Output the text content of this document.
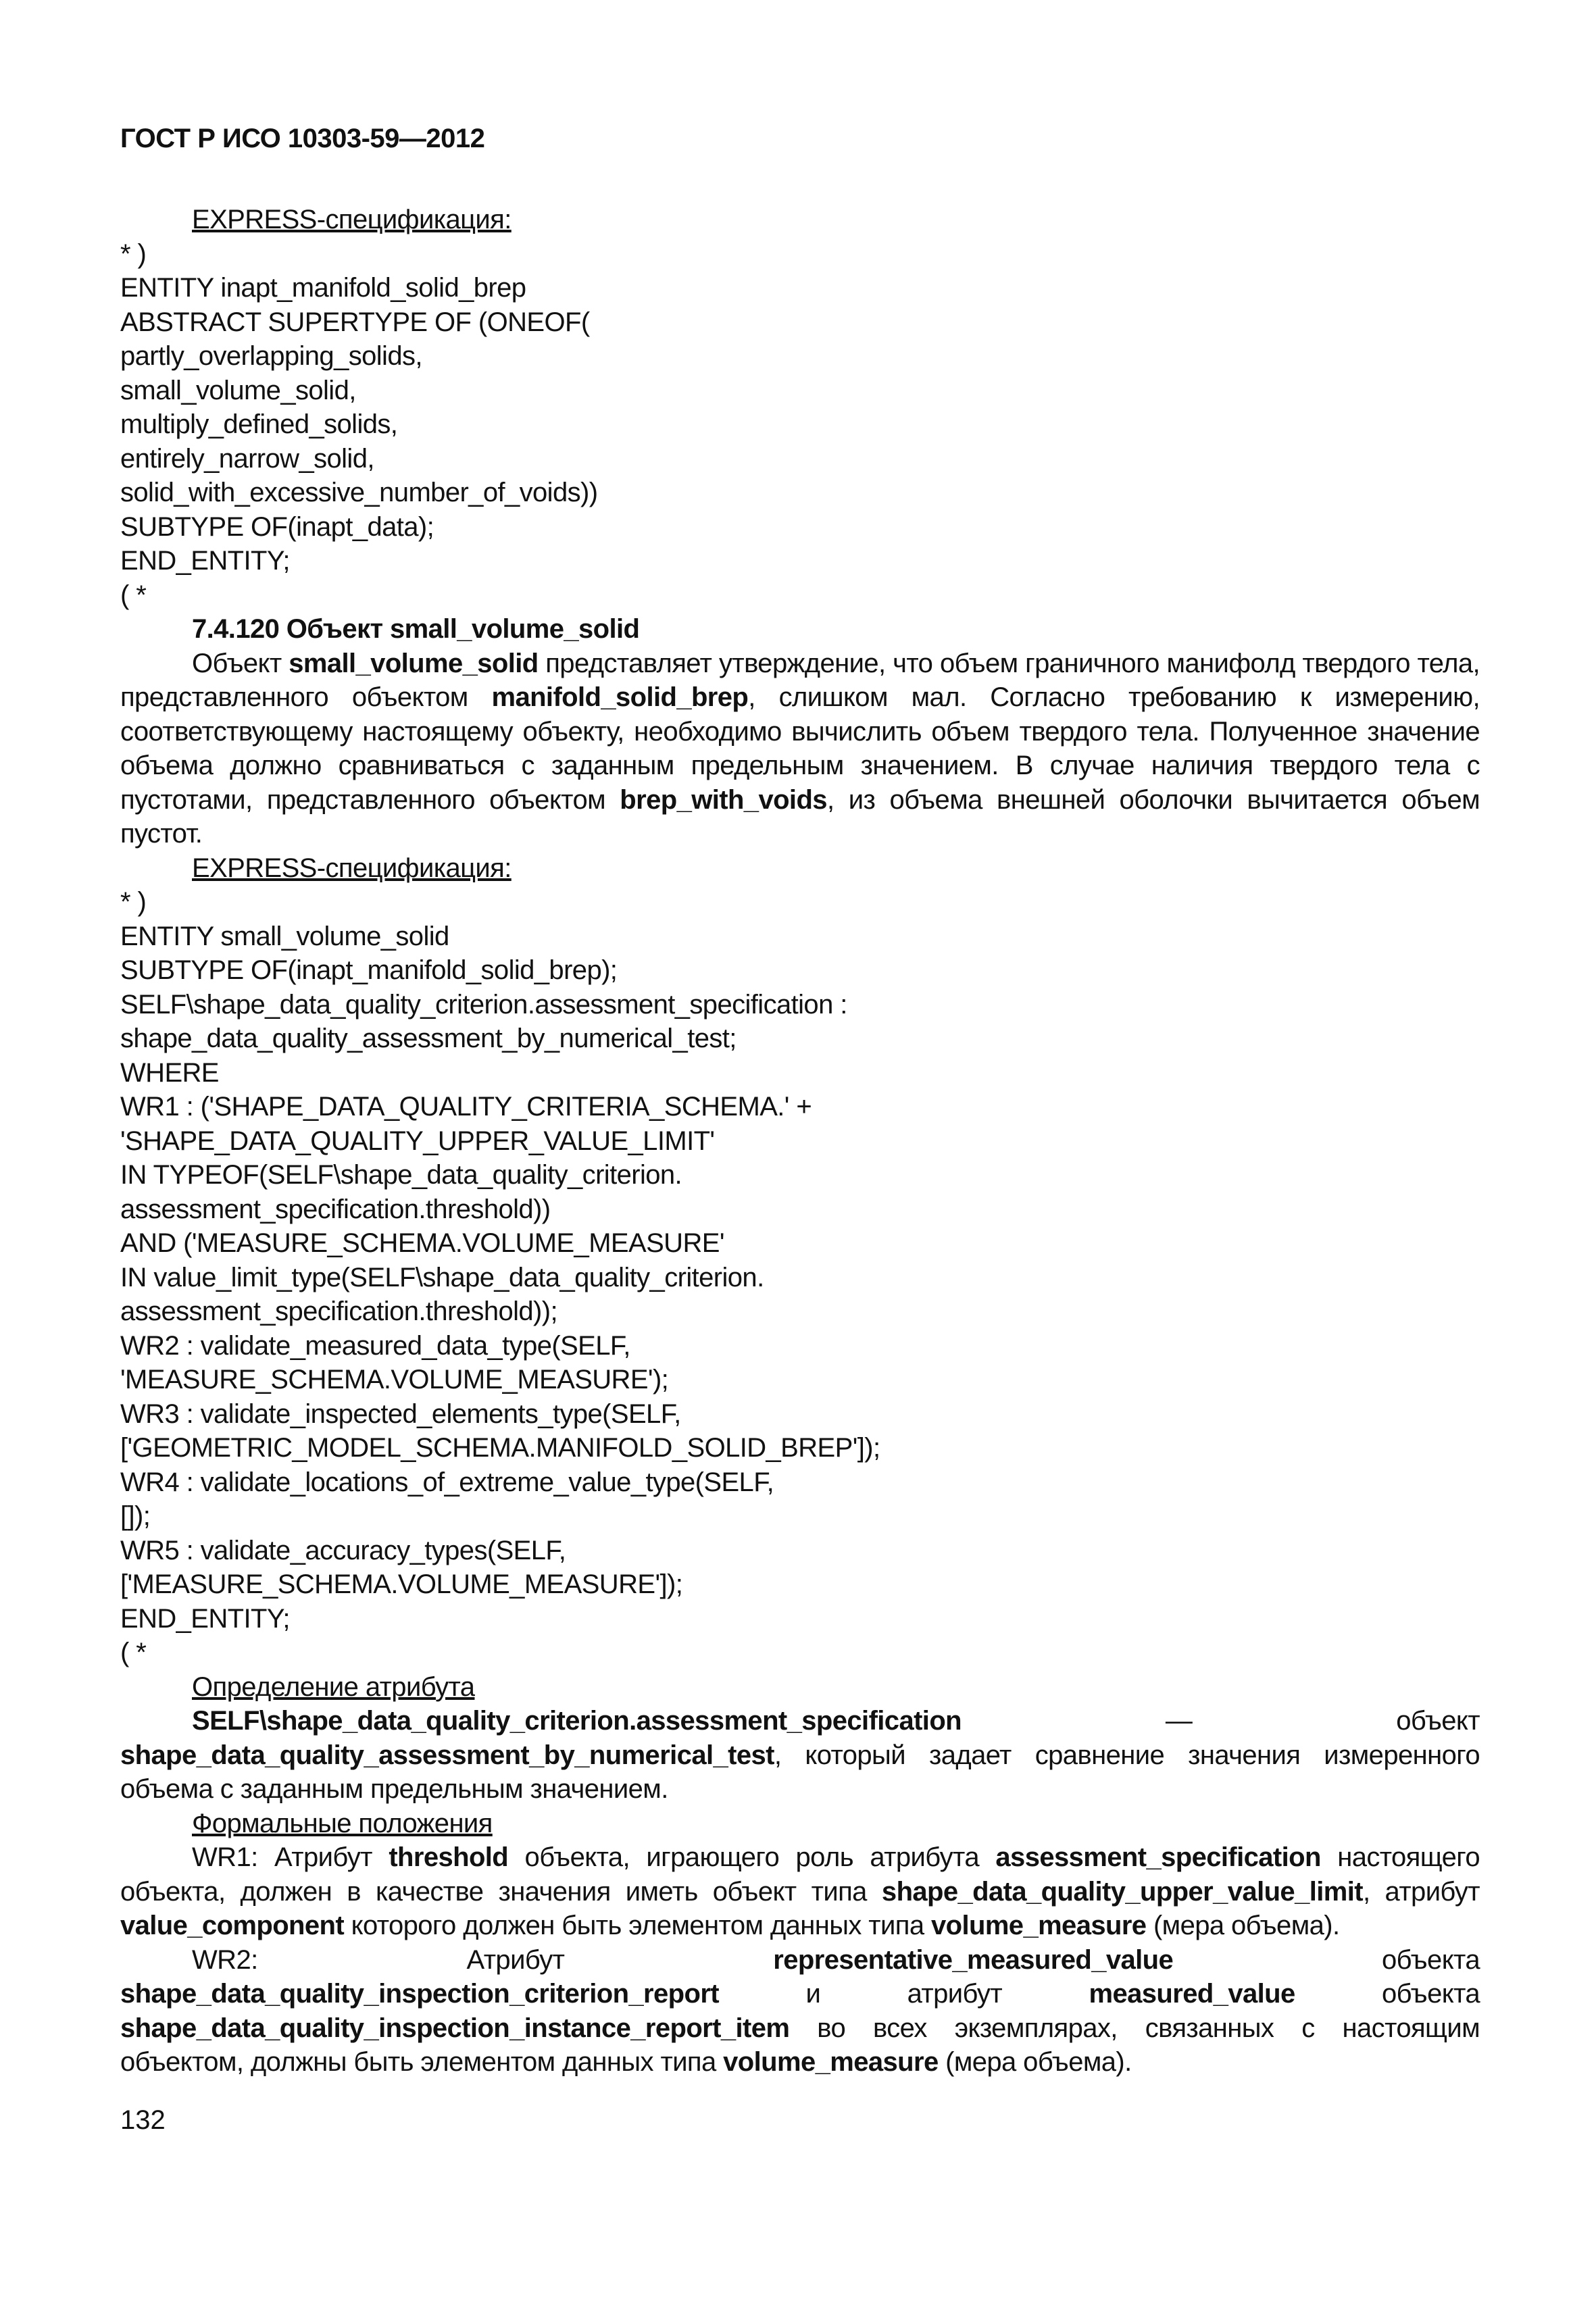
ГОСТ Р ИСО 10303-59—2012
EXPRESS-спецификация:
* )
ENTITY inapt_manifold_solid_brep
ABSTRACT SUPERTYPE OF (ONEOF(
partly_overlapping_solids,
small_volume_solid,
multiply_defined_solids,
entirely_narrow_solid,
solid_with_excessive_number_of_voids))
SUBTYPE OF(inapt_data);
END_ENTITY;
( *
7.4.120 Объект small_volume_solid
Объект small_volume_solid представляет утверждение, что объем граничного манифолд твердого тела, представленного объектом manifold_solid_brep, слишком мал. Согласно требованию к измерению, соответствующему настоящему объекту, необходимо вычислить объем твердого тела. Полученное значение объема должно сравниваться с заданным предельным значением. В случае наличия твердого тела с пустотами, представленного объектом brep_with_voids, из объема внешней оболочки вычитается объем пустот.
EXPRESS-спецификация:
* )
ENTITY small_volume_solid
SUBTYPE OF(inapt_manifold_solid_brep);
SELF\shape_data_quality_criterion.assessment_specification :
shape_data_quality_assessment_by_numerical_test;
WHERE
WR1 : ('SHAPE_DATA_QUALITY_CRITERIA_SCHEMA.' +
'SHAPE_DATA_QUALITY_UPPER_VALUE_LIMIT'
IN TYPEOF(SELF\shape_data_quality_criterion.
assessment_specification.threshold))
AND ('MEASURE_SCHEMA.VOLUME_MEASURE'
IN value_limit_type(SELF\shape_data_quality_criterion.
assessment_specification.threshold));
WR2 : validate_measured_data_type(SELF,
'MEASURE_SCHEMA.VOLUME_MEASURE');
WR3 : validate_inspected_elements_type(SELF,
['GEOMETRIC_MODEL_SCHEMA.MANIFOLD_SOLID_BREP']);
WR4 : validate_locations_of_extreme_value_type(SELF,
[]);
WR5 : validate_accuracy_types(SELF,
['MEASURE_SCHEMA.VOLUME_MEASURE']);
END_ENTITY;
( *
Определение атрибута
SELF\shape_data_quality_criterion.assessment_specification — объект shape_data_quality_assessment_by_numerical_test, который задает сравнение значения измеренного объема с заданным предельным значением.
Формальные положения
WR1: Атрибут threshold объекта, играющего роль атрибута assessment_specification настоящего объекта, должен в качестве значения иметь объект типа shape_data_quality_upper_value_limit, атрибут value_component которого должен быть элементом данных типа volume_measure (мера объема).
WR2: Атрибут representative_measured_value объекта shape_data_quality_inspection_criterion_report и атрибут measured_value объекта shape_data_quality_inspection_instance_report_item во всех экземплярах, связанных с настоящим объектом, должны быть элементом данных типа volume_measure (мера объема).
132
